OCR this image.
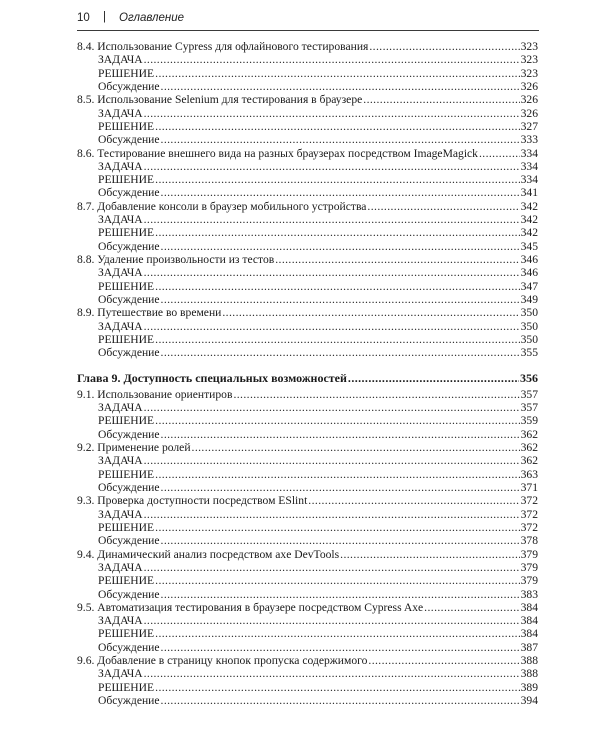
10 | Оглавление
8.4. Использование Cypress для офлайнового тестирования .....	323
ЗАДАЧА .....	323
РЕШЕНИЕ .....	323
Обсуждение .....	326
8.5. Использование Selenium для тестирования в браузере .....	326
ЗАДАЧА .....	326
РЕШЕНИЕ .....	327
Обсуждение .....	333
8.6. Тестирование внешнего вида на разных браузерах посредством ImageMagick .....	334
ЗАДАЧА .....	334
РЕШЕНИЕ .....	334
Обсуждение .....	341
8.7. Добавление консоли в браузер мобильного устройства .....	342
ЗАДАЧА .....	342
РЕШЕНИЕ .....	342
Обсуждение .....	345
8.8. Удаление произвольности из тестов .....	346
ЗАДАЧА .....	346
РЕШЕНИЕ .....	347
Обсуждение .....	349
8.9. Путешествие во времени .....	350
ЗАДАЧА .....	350
РЕШЕНИЕ .....	350
Обсуждение .....	355
Глава 9. Доступность специальных возможностей .....	356
9.1. Использование ориентиров .....	357
ЗАДАЧА .....	357
РЕШЕНИЕ .....	359
Обсуждение .....	362
9.2. Применение ролей .....	362
ЗАДАЧА .....	362
РЕШЕНИЕ .....	363
Обсуждение .....	371
9.3. Проверка доступности посредством ESlint .....	372
ЗАДАЧА .....	372
РЕШЕНИЕ .....	372
Обсуждение .....	378
9.4. Динамический анализ посредством axe DevTools .....	379
ЗАДАЧА .....	379
РЕШЕНИЕ .....	379
Обсуждение .....	383
9.5. Автоматизация тестирования в браузере посредством Cypress Axe .....	384
ЗАДАЧА .....	384
РЕШЕНИЕ .....	384
Обсуждение .....	387
9.6. Добавление в страницу кнопок пропуска содержимого .....	388
ЗАДАЧА .....	388
РЕШЕНИЕ .....	389
Обсуждение .....	394
